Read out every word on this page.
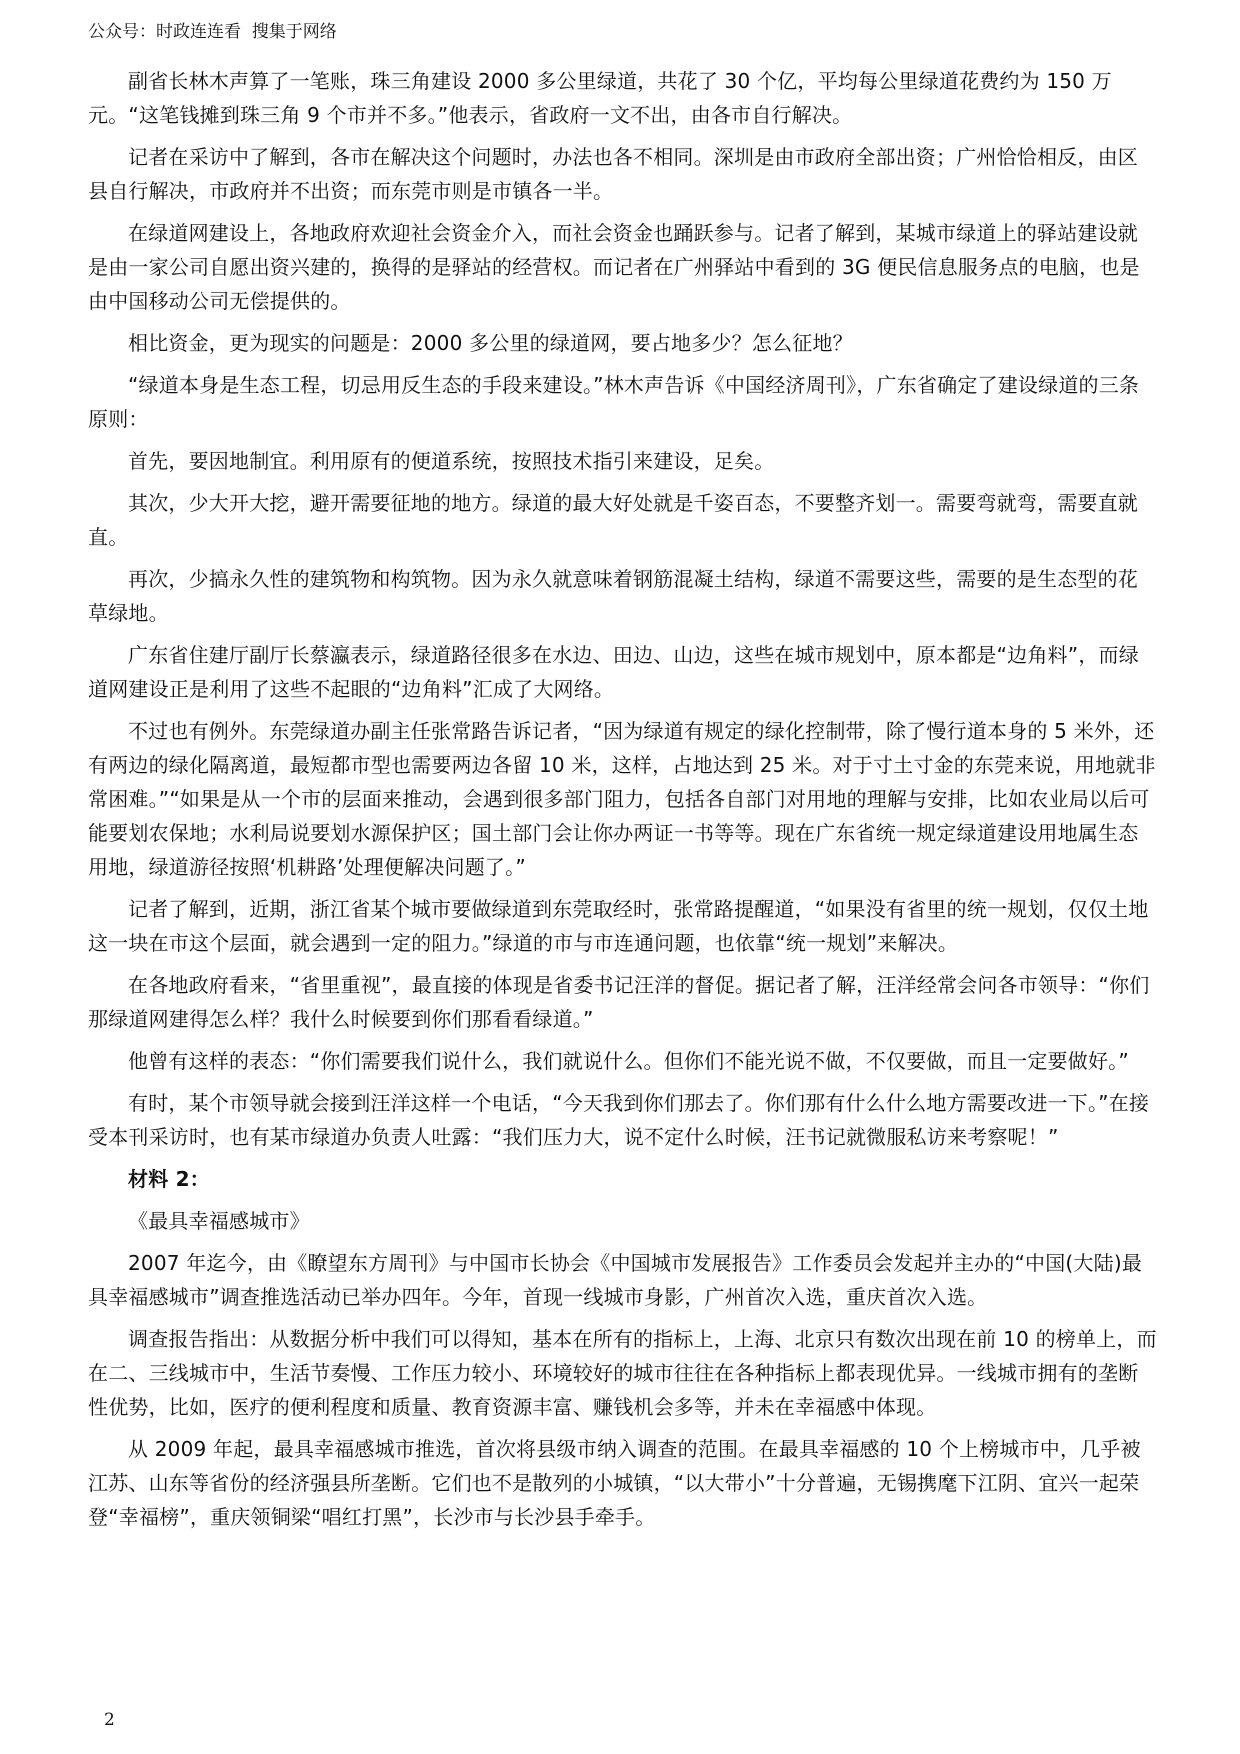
公众号：时政连连看  搜集于网络

副省长林木声算了一笔账，珠三角建设 2000 多公里绿道，共花了 30 个亿，平均每公里绿道花费约为 150 万元。“这笔钱摊到珠三角 9 个市并不多。”他表示，省政府一文不出，由各市自行解决。

记者在采访中了解到，各市在解决这个问题时，办法也各不相同。深圳是由市政府全部出资；广州恰恰相反，由区县自行解决，市政府并不出资；而东莞市则是市镇各一半。

在绿道网建设上，各地政府欢迎社会资金介入，而社会资金也踊跃参与。记者了解到，某城市绿道上的驿站建设就是由一家公司自愿出资兴建的，换得的是驿站的经营权。而记者在广州驿站中看到的 3G 便民信息服务点的电脑，也是由中国移动公司无偿提供的。

相比资金，更为现实的问题是：2000 多公里的绿道网，要占地多少？怎么征地？

“绿道本身是生态工程，切忌用反生态的手段来建设。”林木声告诉《中国经济周刊》，广东省确定了建设绿道的三条原则：

首先，要因地制宜。利用原有的便道系统，按照技术指引来建设，足矣。

其次，少大开大挖，避开需要征地的地方。绿道的最大好处就是千姿百态，不要整齐划一。需要弯就弯，需要直就直。

再次，少搞永久性的建筑物和构筑物。因为永久就意味着钢筋混凝土结构，绿道不需要这些，需要的是生态型的花草绿地。

广东省住建厅副厅长蔡瀛表示，绿道路径很多在水边、田边、山边，这些在城市规划中，原本都是“边角料”，而绿道网建设正是利用了这些不起眼的“边角料”汇成了大网络。

不过也有例外。东莞绿道办副主任张常路告诉记者，“因为绿道有规定的绿化控制带，除了慢行道本身的 5 米外，还有两边的绿化隔离道，最短都市型也需要两边各留 10 米，这样，占地达到 25 米。对于寸土寸金的东莞来说，用地就非常困难。”“如果是从一个市的层面来推动，会遇到很多部门阻力，包括各自部门对用地的理解与安排，比如农业局以后可能要划农保地；水利局说要划水源保护区；国土部门会让你办两证一书等等。现在广东省统一规定绿道建设用地属生态用地，绿道游径按照‘机耕路’处理便解决问题了。”

记者了解到，近期，浙江省某个城市要做绿道到东莞取经时，张常路提醒道，“如果没有省里的统一规划，仅仅土地这一块在市这个层面，就会遇到一定的阻力。”绿道的市与市连通问题，也依靠“统一规划”来解决。

在各地政府看来，“省里重视”，最直接的体现是省委书记汪洋的督促。据记者了解，汪洋经常会问各市领导：“你们那绿道网建得怎么样？我什么时候要到你们那看看绿道。”

他曾有这样的表态：“你们需要我们说什么，我们就说什么。但你们不能光说不做，不仅要做，而且一定要做好。”

有时，某个市领导就会接到汪洋这样一个电话，“今天我到你们那去了。你们那有什么什么地方需要改进一下。”在接受本刊采访时，也有某市绿道办负责人吐露：“我们压力大，说不定什么时候，汪书记就微服私访来考察呢！”

材料 2：

《最具幸福感城市》

2007 年迄今，由《瞭望东方周刊》与中国市长协会《中国城市发展报告》工作委员会发起并主办的“中国(大陆)最具幸福感城市”调查推选活动已举办四年。今年，首现一线城市身影，广州首次入选，重庆首次入选。

调查报告指出：从数据分析中我们可以得知，基本在所有的指标上，上海、北京只有数次出现在前 10 的榜单上，而在二、三线城市中，生活节奏慢、工作压力较小、环境较好的城市往往在各种指标上都表现优异。一线城市拥有的垄断性优势，比如，医疗的便利程度和质量、教育资源丰富、赚钱机会多等，并未在幸福感中体现。

从 2009 年起，最具幸福感城市推选，首次将县级市纳入调查的范围。在最具幸福感的 10 个上榜城市中，几乎被江苏、山东等省份的经济强县所垄断。它们也不是散列的小城镇，“以大带小”十分普遍，无锡携麾下江阴、宜兴一起荣登“幸福榜”，重庆领铜梁“唱红打黑”，长沙市与长沙县手牵手。

2
